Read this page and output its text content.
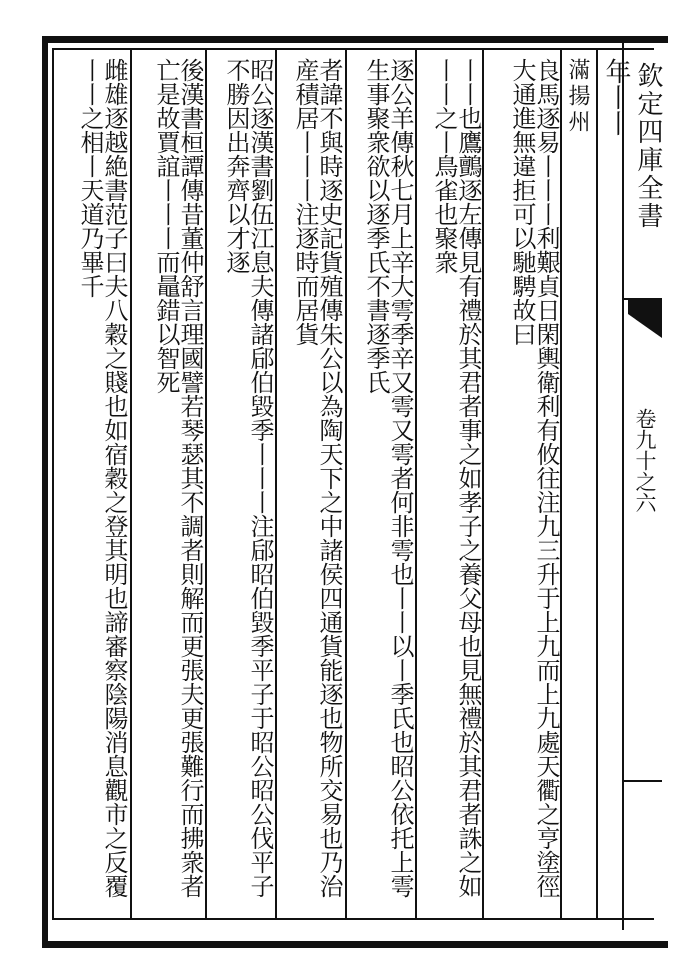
年丨丨
滿揚州
良馬逐易丨丨丨利艱貞日閑輿衛利有攸往注九三升于上九而上九處天衢之亨塗徑大通進無違拒可以馳騁故曰
丨丨也鷹鸇逐左傳見有禮於其君者事之如孝子之養父母也見無禮於其君者誅之如丨丨之丨鳥雀也聚衆
逐公羊傳秋七月上辛大雩季辛又雩又雩者何非雩也丨丨以丨季氏也昭公依托上雩生事聚衆欲以逐季氏不書逐季氏
者諱不與時逐史記貨殖傳朱公以為陶天下之中諸侯四通貨能逐也物所交易也乃治産積居丨丨丨注逐時而居貨
昭公逐漢書劉伍江息夫傳諸郈伯毀季丨丨丨注郈昭伯毀季平子于昭公昭公伐平子不勝因出奔齊以才逐
後漢書桓譚傳昔董仲舒言理國譬若琴瑟其不調者則解而更張夫更張難行而拂衆者亡是故賈誼丨丨丨而鼂錯以智死
雌雄逐越絶書范子曰夫八穀之賤也如宿穀之登其明也諦審察陰陽消息觀市之反覆丨丨之相丨天道乃畢千	欽定四庫全書
卷九十之六
